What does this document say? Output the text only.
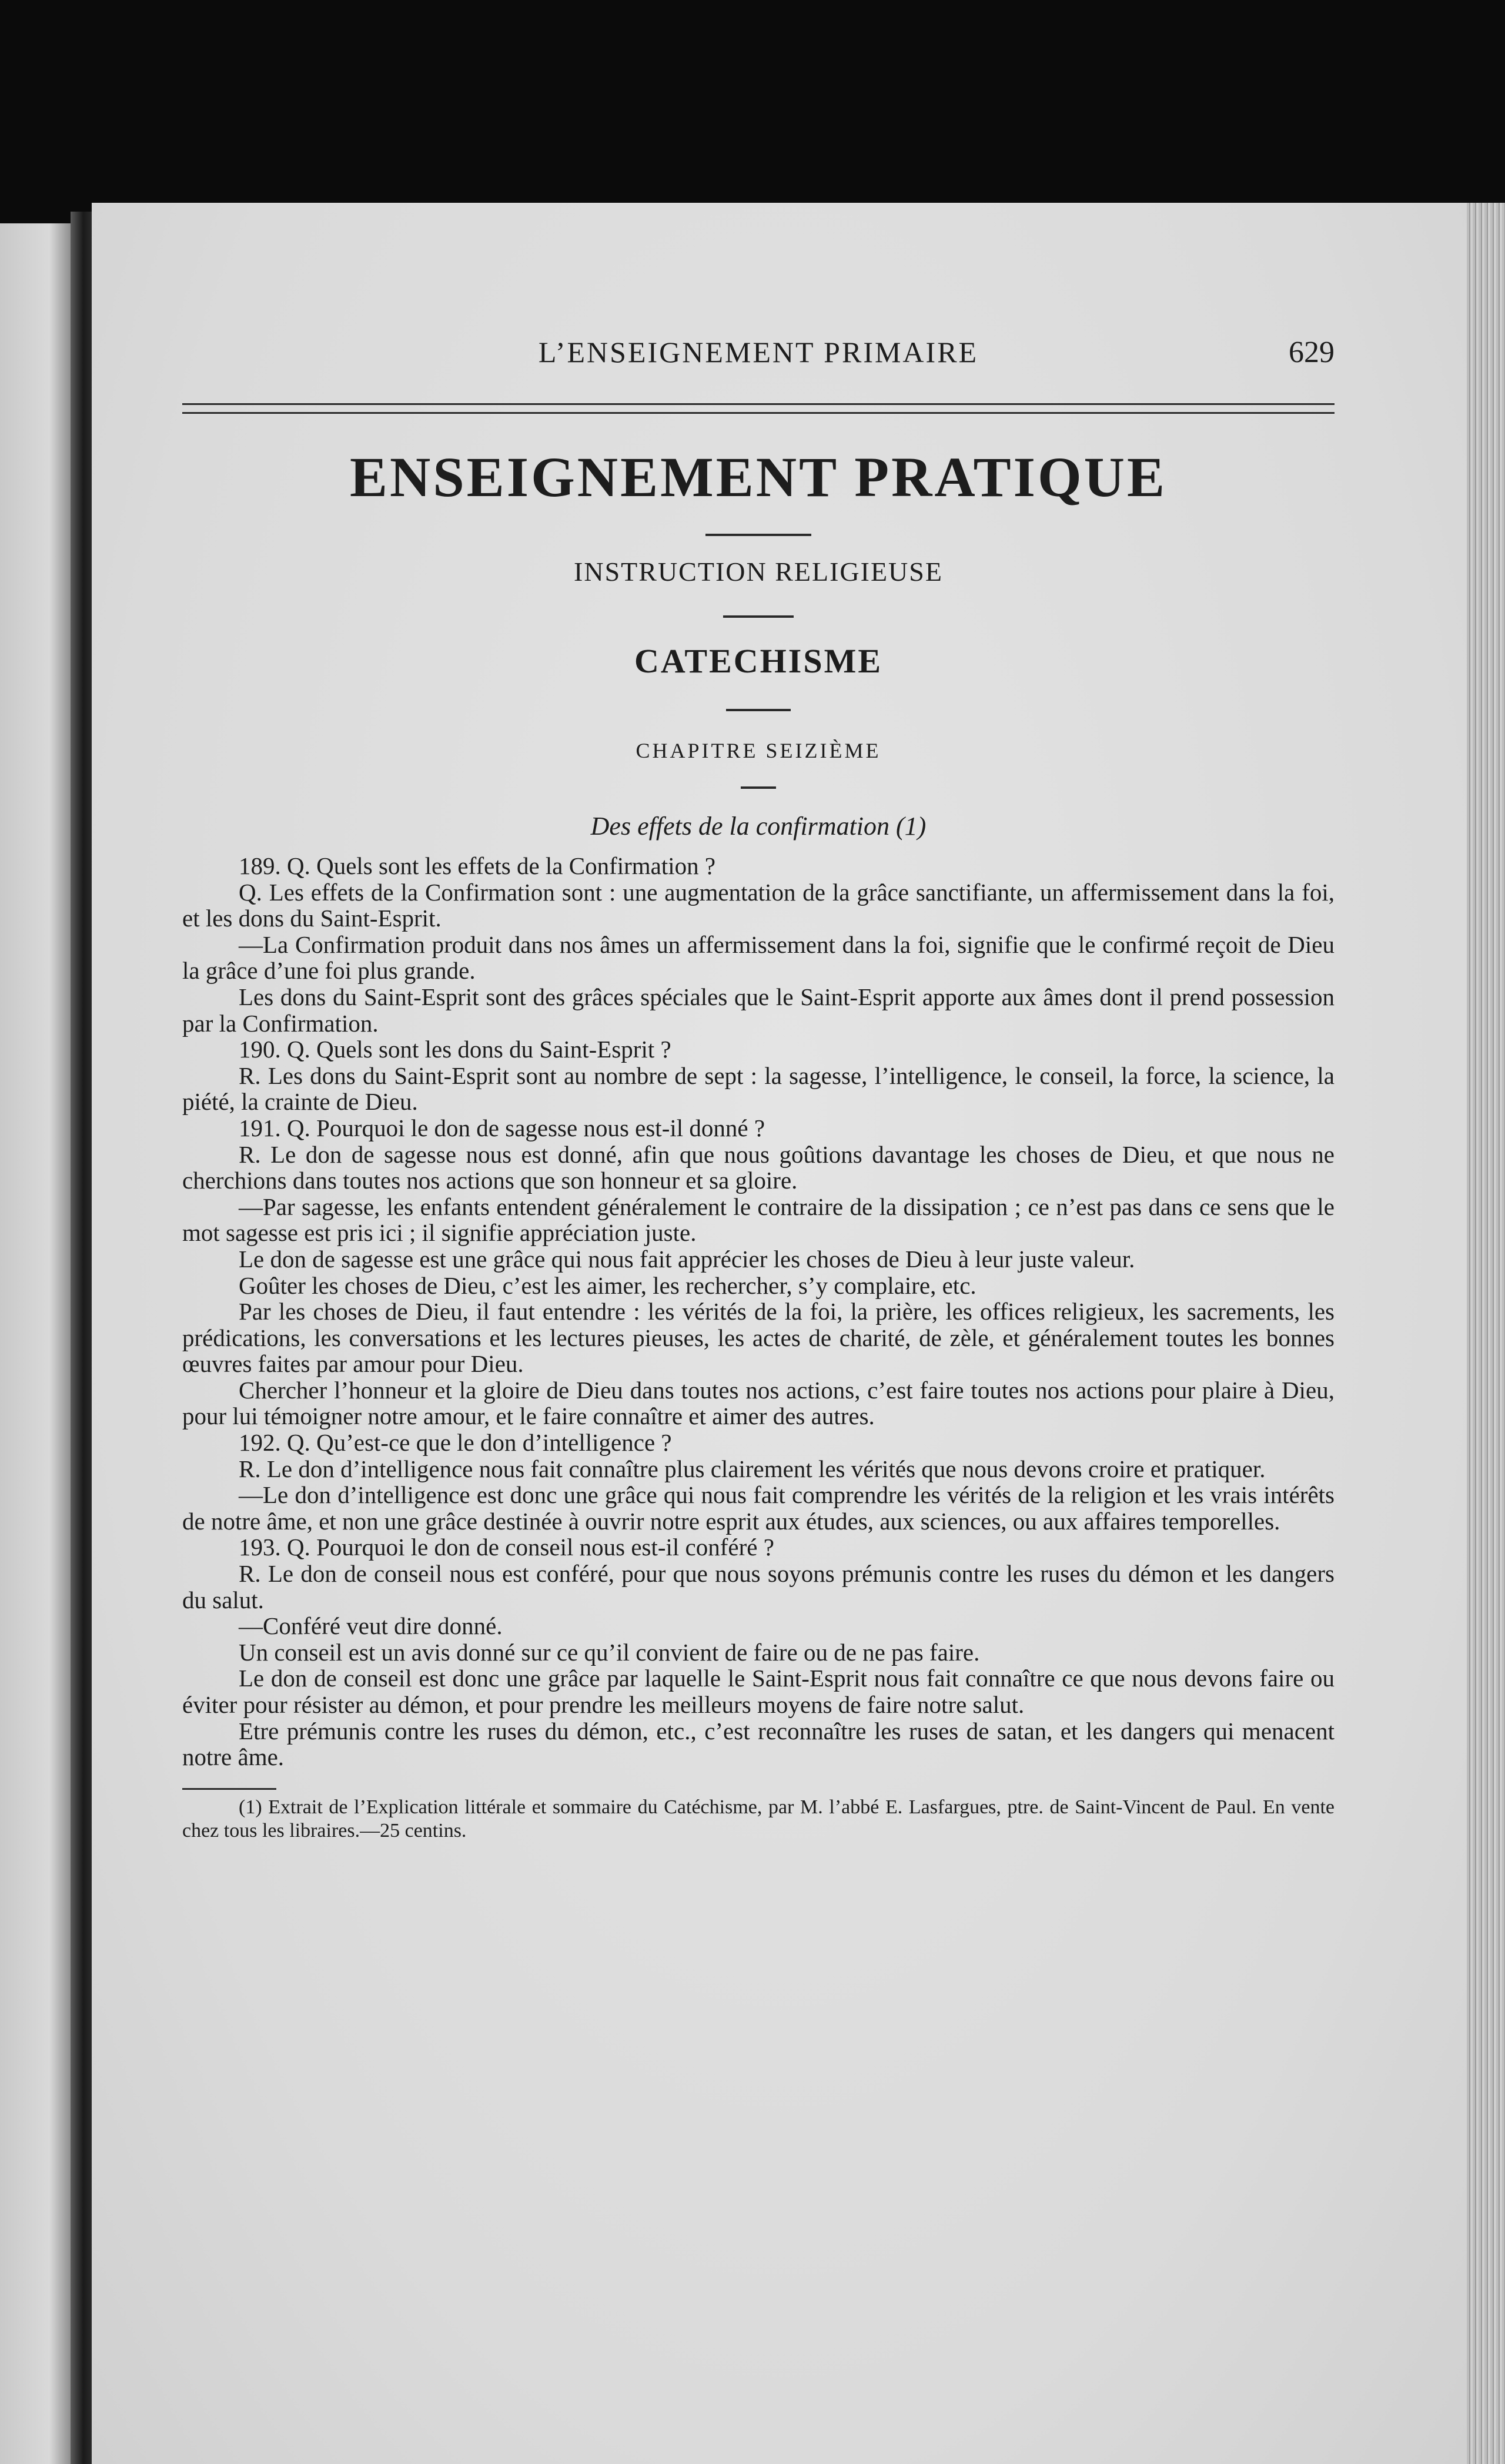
L’ENSEIGNEMENT PRIMAIRE	629
ENSEIGNEMENT PRATIQUE
INSTRUCTION RELIGIEUSE
CATECHISME
CHAPITRE SEIZIÈME
Des effets de la confirmation (1)

189. Q. Quels sont les effets de la Confirmation ?

Q. Les effets de la Confirmation sont : une augmentation de la grâce sanctifiante, un affermissement dans la foi, et les dons du Saint-Esprit.

—La Confirmation produit dans nos âmes un affermissement dans la foi, signifie que le confirmé reçoit de Dieu la grâce d’une foi plus grande.

Les dons du Saint-Esprit sont des grâces spéciales que le Saint-Esprit apporte aux âmes dont il prend possession par la Confirmation.

190. Q. Quels sont les dons du Saint-Esprit ?

R. Les dons du Saint-Esprit sont au nombre de sept : la sagesse, l’intelligence, le conseil, la force, la science, la piété, la crainte de Dieu.

191. Q. Pourquoi le don de sagesse nous est-il donné ?

R. Le don de sagesse nous est donné, afin que nous goûtions davantage les choses de Dieu, et que nous ne cherchions dans toutes nos actions que son honneur et sa gloire.

—Par sagesse, les enfants entendent généralement le contraire de la dissipation ; ce n’est pas dans ce sens que le mot sagesse est pris ici ; il signifie appréciation juste.

Le don de sagesse est une grâce qui nous fait apprécier les choses de Dieu à leur juste valeur.

Goûter les choses de Dieu, c’est les aimer, les rechercher, s’y complaire, etc.

Par les choses de Dieu, il faut entendre : les vérités de la foi, la prière, les offices religieux, les sacrements, les prédications, les conversations et les lectures pieuses, les actes de charité, de zèle, et généralement toutes les bonnes œuvres faites par amour pour Dieu.

Chercher l’honneur et la gloire de Dieu dans toutes nos actions, c’est faire toutes nos actions pour plaire à Dieu, pour lui témoigner notre amour, et le faire connaître et aimer des autres.

192. Q. Qu’est-ce que le don d’intelligence ?

R. Le don d’intelligence nous fait connaître plus clairement les vérités que nous devons croire et pratiquer.

—Le don d’intelligence est donc une grâce qui nous fait comprendre les vérités de la religion et les vrais intérêts de notre âme, et non une grâce destinée à ouvrir notre esprit aux études, aux sciences, ou aux affaires temporelles.

193. Q. Pourquoi le don de conseil nous est-il conféré ?

R. Le don de conseil nous est conféré, pour que nous soyons prémunis contre les ruses du démon et les dangers du salut.

—Conféré veut dire donné.

Un conseil est un avis donné sur ce qu’il convient de faire ou de ne pas faire.

Le don de conseil est donc une grâce par laquelle le Saint-Esprit nous fait connaître ce que nous devons faire ou éviter pour résister au démon, et pour prendre les meilleurs moyens de faire notre salut.

Etre prémunis contre les ruses du démon, etc., c’est reconnaître les ruses de satan, et les dangers qui menacent notre âme.

(1) Extrait de l’Explication littérale et sommaire du Catéchisme, par M. l’abbé E. Lasfargues, ptre. de Saint-Vincent de Paul. En vente chez tous les libraires.—25 centins.
